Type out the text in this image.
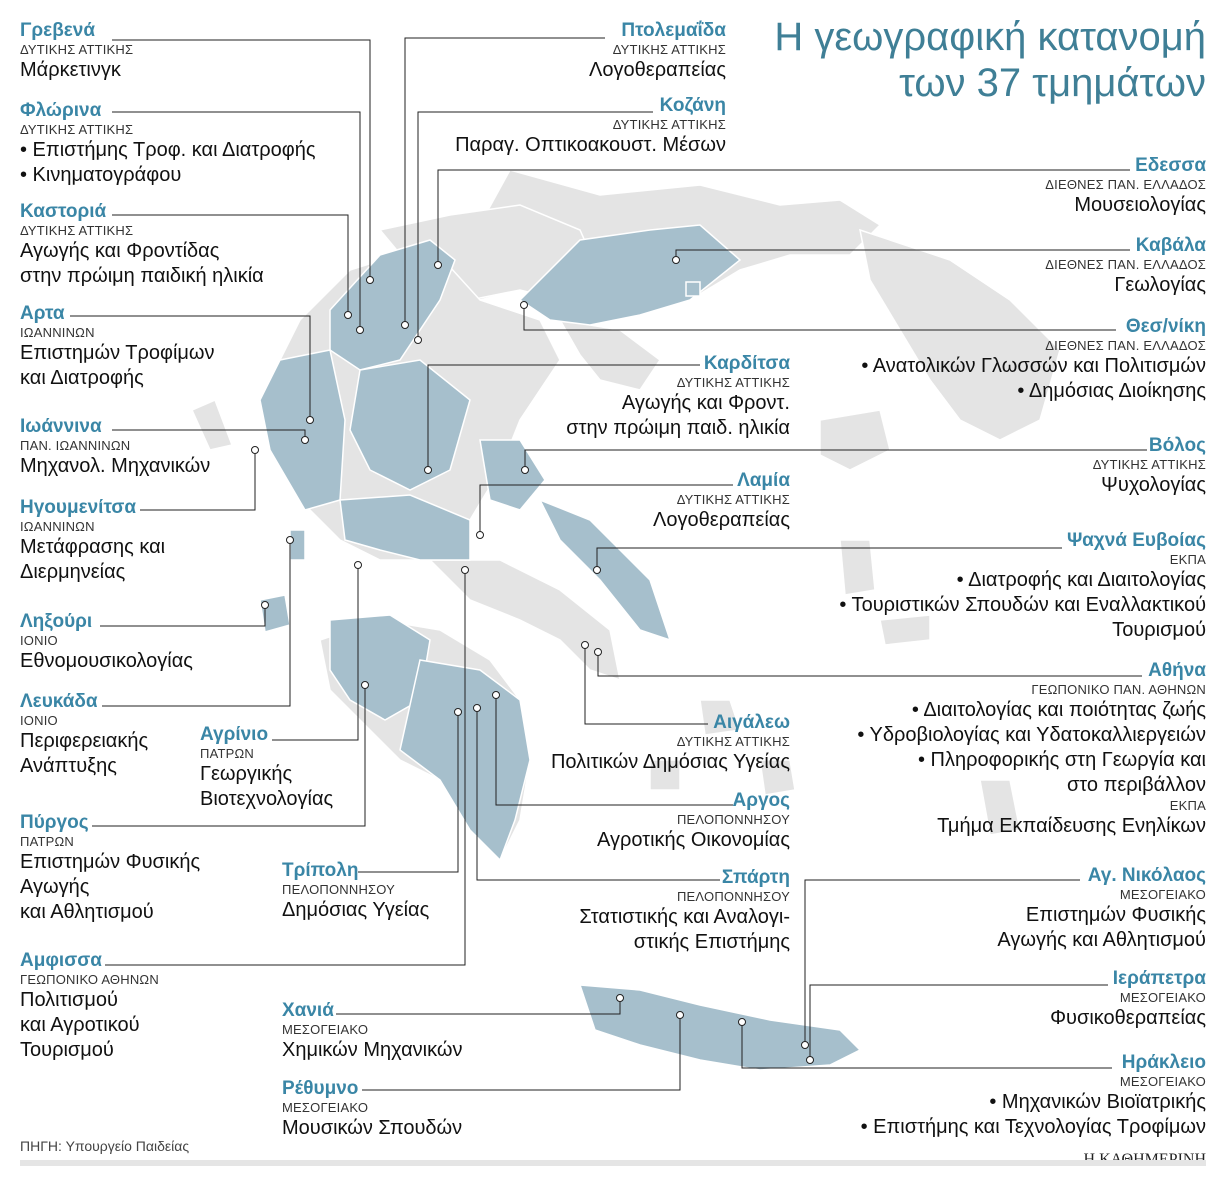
Η γεωγραφική κατανομή
των 37 τμημάτων
Γρεβενά
ΔΥΤΙΚΗΣ ΑΤΤΙΚΗΣ
Μάρκετινγκ
Φλώρινα
ΔΥΤΙΚΗΣ ΑΤΤΙΚΗΣ
• Επιστήμης Τροφ. και Διατροφής
• Κινηματογράφου
Καστοριά
ΔΥΤΙΚΗΣ ΑΤΤΙΚΗΣ
Αγωγής και Φροντίδας
στην πρώιμη παιδική ηλικία
Αρτα
ΙΩΑΝΝΙΝΩΝ
Επιστημών Τροφίμων
και Διατροφής
Ιωάννινα
ΠΑΝ. ΙΩΑΝΝΙΝΩΝ
Μηχανολ. Μηχανικών
Ηγουμενίτσα
ΙΩΑΝΝΙΝΩΝ
Μετάφρασης και
Διερμηνείας
Ληξούρι
ΙΟΝΙΟ
Εθνομουσικολογίας
Λευκάδα
ΙΟΝΙΟ
Περιφερειακής
Ανάπτυξης
Αγρίνιο
ΠΑΤΡΩΝ
Γεωργικής
Βιοτεχνολογίας
Πύργος
ΠΑΤΡΩΝ
Επιστημών Φυσικής
Αγωγής
και Αθλητισμού
Τρίπολη
ΠΕΛΟΠΟΝΝΗΣΟΥ
Δημόσιας Υγείας
Αμφισσα
ΓΕΩΠΟΝΙΚΟ ΑΘΗΝΩΝ
Πολιτισμού
και Αγροτικού
Τουρισμού
Χανιά
ΜΕΣΟΓΕΙΑΚΟ
Χημικών Μηχανικών
Ρέθυμνο
ΜΕΣΟΓΕΙΑΚΟ
Μουσικών Σπουδών
Πτολεμαΐδα
ΔΥΤΙΚΗΣ ΑΤΤΙΚΗΣ
Λογοθεραπείας
Κοζάνη
ΔΥΤΙΚΗΣ ΑΤΤΙΚΗΣ
Παραγ. Οπτικοακουστ. Μέσων
Καρδίτσα
ΔΥΤΙΚΗΣ ΑΤΤΙΚΗΣ
Αγωγής και Φροντ.
στην πρώιμη παιδ. ηλικία
Λαμία
ΔΥΤΙΚΗΣ ΑΤΤΙΚΗΣ
Λογοθεραπείας
Αιγάλεω
ΔΥΤΙΚΗΣ ΑΤΤΙΚΗΣ
Πολιτικών Δημόσιας Υγείας
Αργος
ΠΕΛΟΠΟΝΝΗΣΟΥ
Αγροτικής Οικονομίας
Σπάρτη
ΠΕΛΟΠΟΝΝΗΣΟΥ
Στατιστικής και Αναλογι-
στικής Επιστήμης
Εδεσσα
ΔΙΕΘΝΕΣ ΠΑΝ. ΕΛΛΑΔΟΣ
Μουσειολογίας
Καβάλα
ΔΙΕΘΝΕΣ ΠΑΝ. ΕΛΛΑΔΟΣ
Γεωλογίας
Θεσ/νίκη
ΔΙΕΘΝΕΣ ΠΑΝ. ΕΛΛΑΔΟΣ
• Ανατολικών Γλωσσών και Πολιτισμών
• Δημόσιας Διοίκησης
Βόλος
ΔΥΤΙΚΗΣ ΑΤΤΙΚΗΣ
Ψυχολογίας
Ψαχνά Ευβοίας
ΕΚΠΑ
• Διατροφής και Διαιτολογίας
• Τουριστικών Σπουδών και Εναλλακτικού
Τουρισμού
Αθήνα
ΓΕΩΠΟΝΙΚΟ ΠΑΝ. ΑΘΗΝΩΝ
• Διαιτολογίας και ποιότητας ζωής
• Υδροβιολογίας και Υδατοκαλλιεργειών
• Πληροφορικής στη Γεωργία και
στο περιβάλλον
ΕΚΠΑ
Τμήμα Εκπαίδευσης Ενηλίκων
Αγ. Νικόλαος
ΜΕΣΟΓΕΙΑΚΟ
Επιστημών Φυσικής
Αγωγής και Αθλητισμού
Ιεράπετρα
ΜΕΣΟΓΕΙΑΚΟ
Φυσικοθεραπείας
Ηράκλειο
ΜΕΣΟΓΕΙΑΚΟ
• Μηχανικών Βιοϊατρικής
• Επιστήμης και Τεχνολογίας Τροφίμων
ΠΗΓΗ: Υπουργείο Παιδείας
